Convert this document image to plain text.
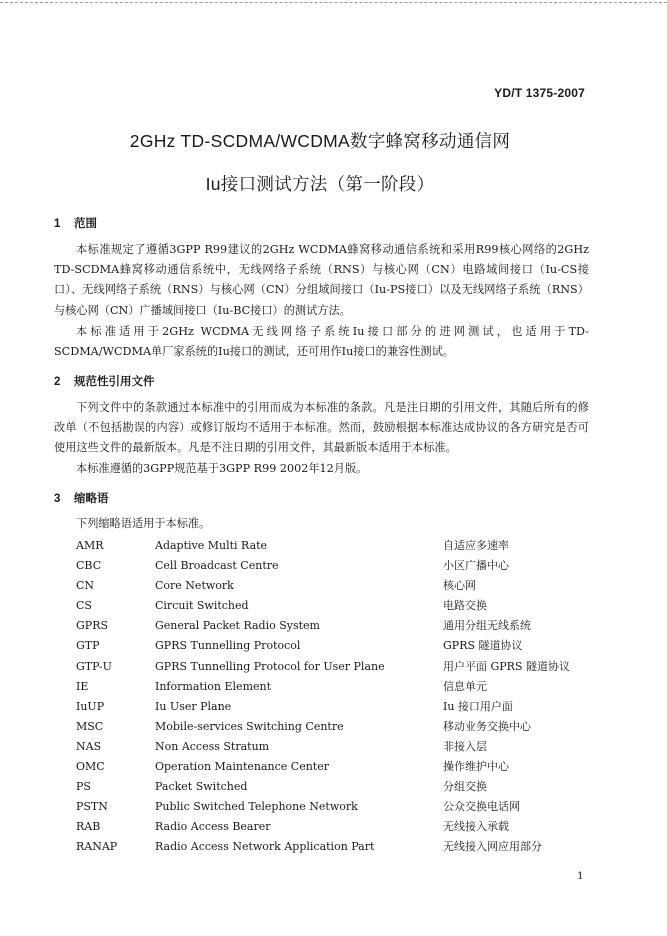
YD/T 1375-2007
2GHz TD-SCDMA/WCDMA数字蜂窝移动通信网
Iu接口测试方法（第一阶段）
1 范围
本标准规定了遵循3GPP R99建议的2GHz WCDMA蜂窝移动通信系统和采用R99核心网络的2GHz TD-SCDMA蜂窝移动通信系统中，无线网络子系统（RNS）与核心网（CN）电路域间接口（Iu-CS接口）、无线网络子系统（RNS）与核心网（CN）分组域间接口（Iu-PS接口）以及无线网络子系统（RNS）与核心网（CN）广播域间接口（Iu-BC接口）的测试方法。
本标准适用于2GHz WCDMA无线网络子系统Iu接口部分的进网测试，也适用于TD-SCDMA/WCDMA单厂家系统的Iu接口的测试，还可用作Iu接口的兼容性测试。
2 规范性引用文件
下列文件中的条款通过本标准中的引用而成为本标准的条款。凡是注日期的引用文件，其随后所有的修改单（不包括勘误的内容）或修订版均不适用于本标准。然而，鼓励根据本标准达成协议的各方研究是否可使用这些文件的最新版本。凡是不注日期的引用文件，其最新版本适用于本标准。
本标准遵循的3GPP规范基于3GPP R99 2002年12月版。
3 缩略语
下列缩略语适用于本标准。
AMR	Adaptive Multi Rate	自适应多速率
CBC	Cell Broadcast Centre	小区广播中心
CN	Core Network	核心网
CS	Circuit Switched	电路交换
GPRS	General Packet Radio System	通用分组无线系统
GTP	GPRS Tunnelling Protocol	GPRS 隧道协议
GTP-U	GPRS Tunnelling Protocol for User Plane	用户平面 GPRS 隧道协议
IE	Information Element	信息单元
IuUP	Iu User Plane	Iu 接口用户面
MSC	Mobile-services Switching Centre	移动业务交换中心
NAS	Non Access Stratum	非接入层
OMC	Operation Maintenance Center	操作维护中心
PS	Packet Switched	分组交换
PSTN	Public Switched Telephone Network	公众交换电话网
RAB	Radio Access Bearer	无线接入承载
RANAP	Radio Access Network Application Part	无线接入网应用部分
1
